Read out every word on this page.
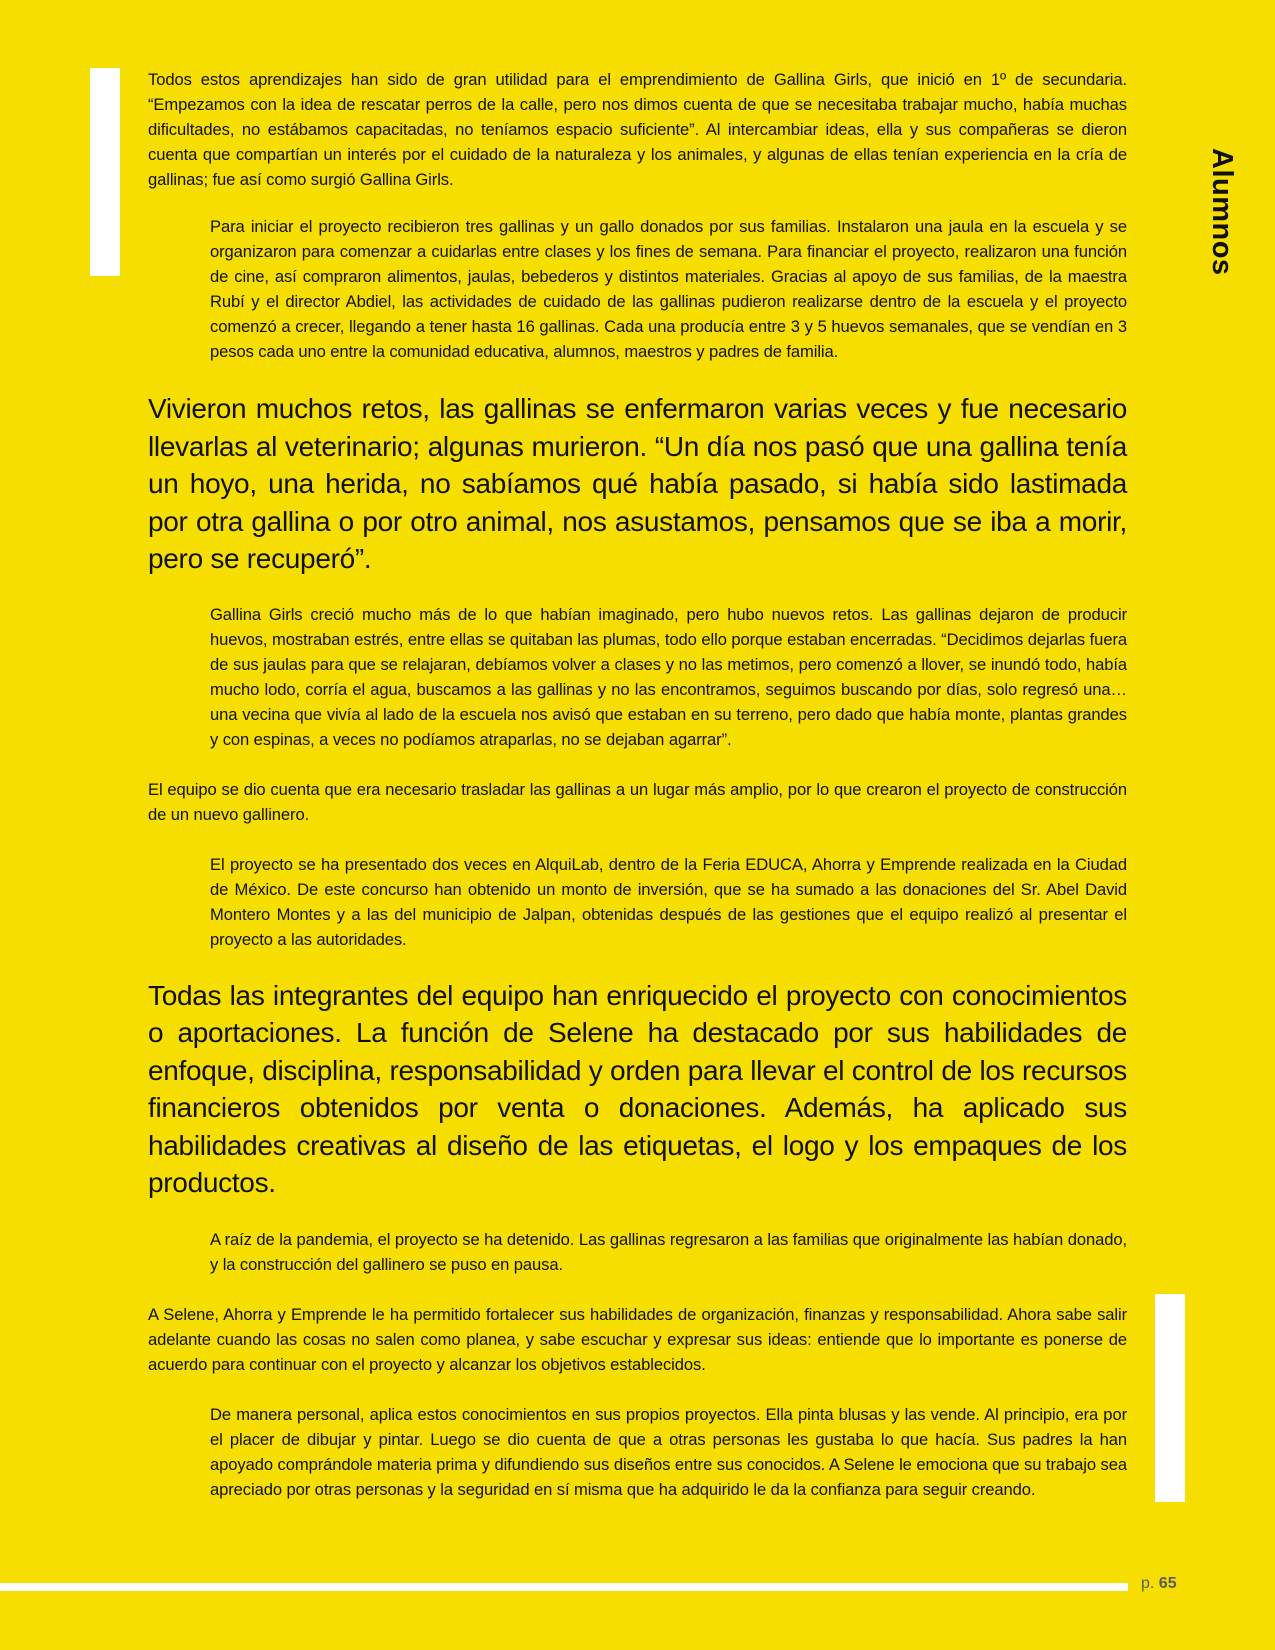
Alumnos

Todos estos aprendizajes han sido de gran utilidad para el emprendimiento de Gallina Girls, que inició en 1º de secundaria. “Empezamos con la idea de rescatar perros de la calle, pero nos dimos cuenta de que se necesitaba trabajar mucho, había muchas dificultades, no estábamos capacitadas, no teníamos espacio suficiente”. Al intercambiar ideas, ella y sus compañeras se dieron cuenta que compartían un interés por el cuidado de la naturaleza y los animales, y algunas de ellas tenían experiencia en la cría de gallinas; fue así como surgió Gallina Girls.

Para iniciar el proyecto recibieron tres gallinas y un gallo donados por sus familias. Instalaron una jaula en la escuela y se organizaron para comenzar a cuidarlas entre clases y los fines de semana. Para financiar el proyecto, realizaron una función de cine, así compraron alimentos, jaulas, bebederos y distintos materiales. Gracias al apoyo de sus familias, de la maestra Rubí y el director Abdiel, las actividades de cuidado de las gallinas pudieron realizarse dentro de la escuela y el proyecto comenzó a crecer, llegando a tener hasta 16 gallinas. Cada una producía entre 3 y 5 huevos semanales, que se vendían en 3 pesos cada uno entre la comunidad educativa, alumnos, maestros y padres de familia.

Vivieron muchos retos, las gallinas se enfermaron varias veces y fue necesario llevarlas al veterinario; algunas murieron. “Un día nos pasó que una gallina tenía un hoyo, una herida, no sabíamos qué había pasado, si había sido lastimada por otra gallina o por otro animal, nos asustamos, pensamos que se iba a morir, pero se recuperó”.

Gallina Girls creció mucho más de lo que habían imaginado, pero hubo nuevos retos. Las gallinas dejaron de producir huevos, mostraban estrés, entre ellas se quitaban las plumas, todo ello porque estaban encerradas. “Decidimos dejarlas fuera de sus jaulas para que se relajaran, debíamos volver a clases y no las metimos, pero comenzó a llover, se inundó todo, había mucho lodo, corría el agua, buscamos a las gallinas y no las encontramos, seguimos buscando por días, solo regresó una… una vecina que vivía al lado de la escuela nos avisó que estaban en su terreno, pero dado que había monte, plantas grandes y con espinas, a veces no podíamos atraparlas, no se dejaban agarrar”.

El equipo se dio cuenta que era necesario trasladar las gallinas a un lugar más amplio, por lo que crearon el proyecto de construcción de un nuevo gallinero.

El proyecto se ha presentado dos veces en AlquiLab, dentro de la Feria EDUCA, Ahorra y Emprende realizada en la Ciudad de México. De este concurso han obtenido un monto de inversión, que se ha sumado a las donaciones del Sr. Abel David Montero Montes y a las del municipio de Jalpan, obtenidas después de las gestiones que el equipo realizó al presentar el proyecto a las autoridades.

Todas las integrantes del equipo han enriquecido el proyecto con conocimientos o aportaciones. La función de Selene ha destacado por sus habilidades de enfoque, disciplina, responsabilidad y orden para llevar el control de los recursos financieros obtenidos por venta o donaciones. Además, ha aplicado sus habilidades creativas al diseño de las etiquetas, el logo y los empaques de los productos.

A raíz de la pandemia, el proyecto se ha detenido. Las gallinas regresaron a las familias que originalmente las habían donado, y la construcción del gallinero se puso en pausa.

A Selene, Ahorra y Emprende le ha permitido fortalecer sus habilidades de organización, finanzas y responsabilidad. Ahora sabe salir adelante cuando las cosas no salen como planea, y sabe escuchar y expresar sus ideas: entiende que lo importante es ponerse de acuerdo para continuar con el proyecto y alcanzar los objetivos establecidos.

De manera personal, aplica estos conocimientos en sus propios proyectos. Ella pinta blusas y las vende. Al principio, era por el placer de dibujar y pintar. Luego se dio cuenta de que a otras personas les gustaba lo que hacía. Sus padres la han apoyado comprándole materia prima y difundiendo sus diseños entre sus conocidos. A Selene le emociona que su trabajo sea apreciado por otras personas y la seguridad en sí misma que ha adquirido le da la confianza para seguir creando.

p. 65
